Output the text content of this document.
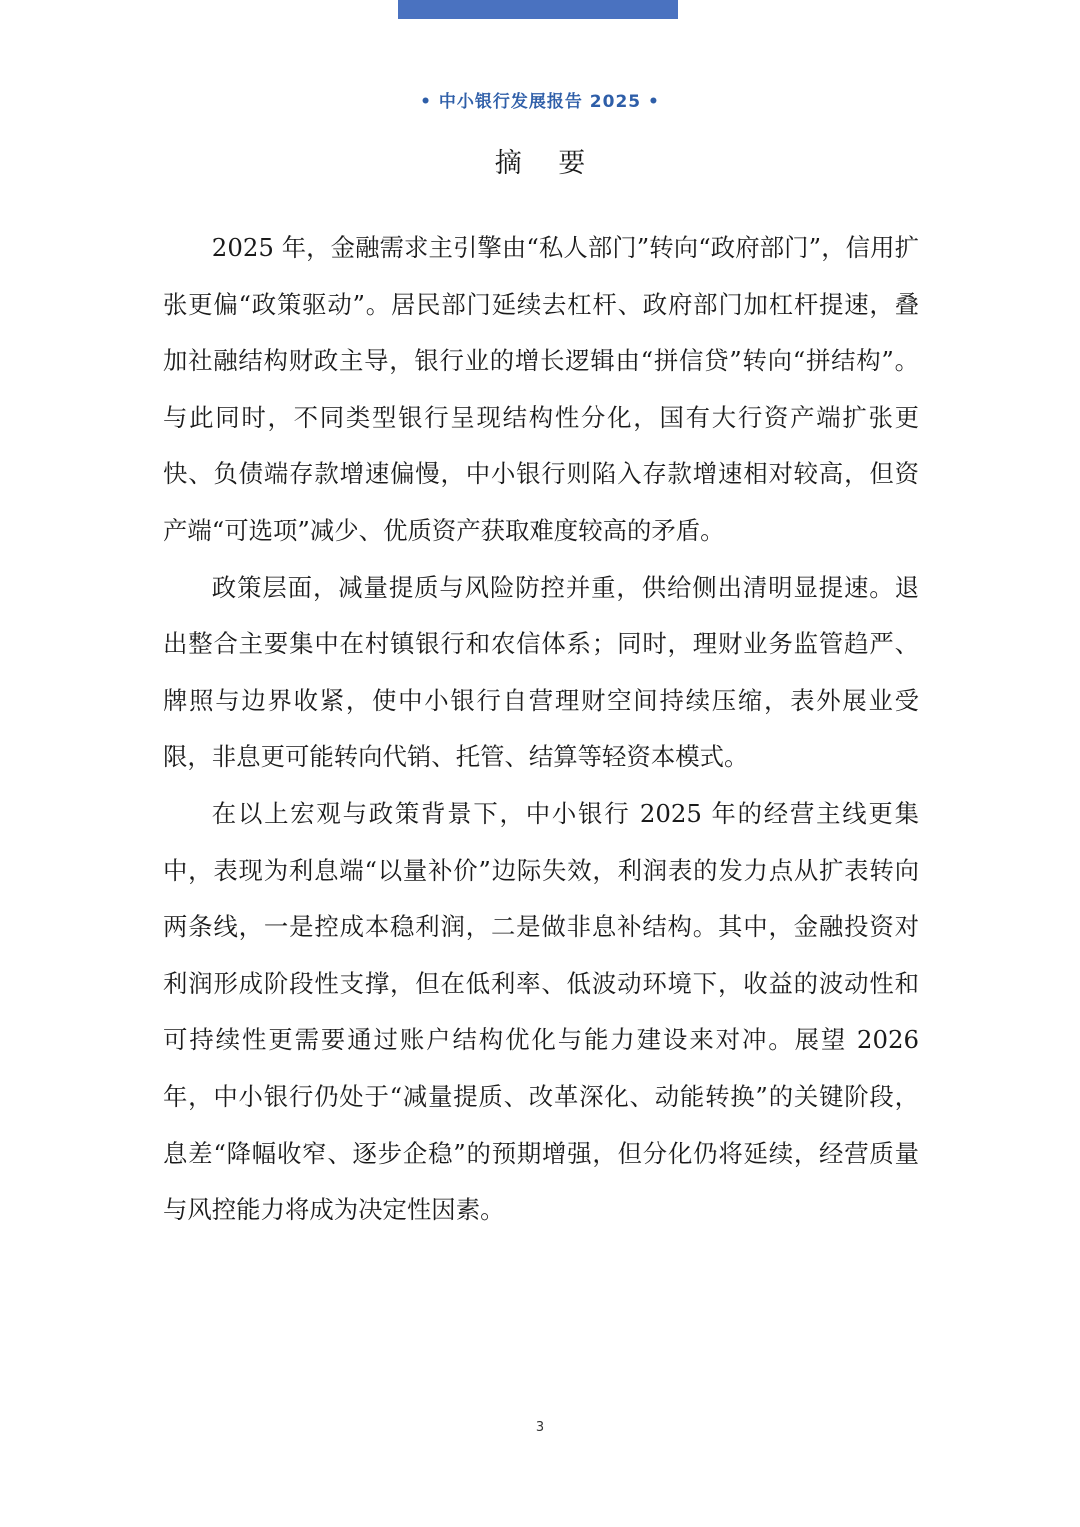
• 中小银行发展报告 2025 •
摘 要

2025 年，金融需求主引擎由“私人部门”转向“政府部门”，信用扩张更偏“政策驱动”。居民部门延续去杠杆、政府部门加杠杆提速，叠加社融结构财政主导，银行业的增长逻辑由“拼信贷”转向“拼结构”。与此同时，不同类型银行呈现结构性分化，国有大行资产端扩张更快、负债端存款增速偏慢，中小银行则陷入存款增速相对较高，但资产端“可选项”减少、优质资产获取难度较高的矛盾。

政策层面，减量提质与风险防控并重，供给侧出清明显提速。退出整合主要集中在村镇银行和农信体系；同时，理财业务监管趋严、牌照与边界收紧，使中小银行自营理财空间持续压缩，表外展业受限，非息更可能转向代销、托管、结算等轻资本模式。

在以上宏观与政策背景下，中小银行 2025 年的经营主线更集中，表现为利息端“以量补价”边际失效，利润表的发力点从扩表转向两条线，一是控成本稳利润，二是做非息补结构。其中，金融投资对利润形成阶段性支撑，但在低利率、低波动环境下，收益的波动性和可持续性更需要通过账户结构优化与能力建设来对冲。展望 2026 年，中小银行仍处于“减量提质、改革深化、动能转换”的关键阶段，息差“降幅收窄、逐步企稳”的预期增强，但分化仍将延续，经营质量与风控能力将成为决定性因素。

3
